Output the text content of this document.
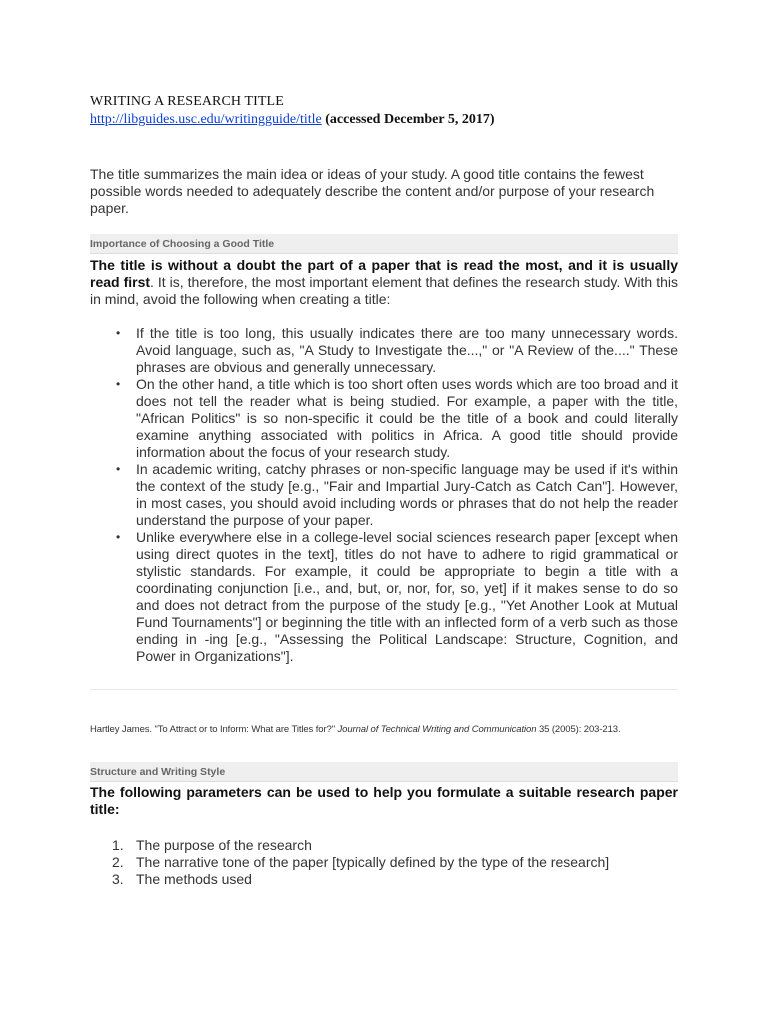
WRITING A RESEARCH TITLE
http://libguides.usc.edu/writingguide/title (accessed December 5, 2017)
The title summarizes the main idea or ideas of your study. A good title contains the fewest possible words needed to adequately describe the content and/or purpose of your research paper.
Importance of Choosing a Good Title
The title is without a doubt the part of a paper that is read the most, and it is usually read first. It is, therefore, the most important element that defines the research study. With this in mind, avoid the following when creating a title:
• If the title is too long, this usually indicates there are too many unnecessary words. Avoid language, such as, "A Study to Investigate the...," or "A Review of the...." These phrases are obvious and generally unnecessary.
• On the other hand, a title which is too short often uses words which are too broad and it does not tell the reader what is being studied. For example, a paper with the title, "African Politics" is so non-specific it could be the title of a book and could literally examine anything associated with politics in Africa. A good title should provide information about the focus of your research study.
• In academic writing, catchy phrases or non-specific language may be used if it's within the context of the study [e.g., "Fair and Impartial Jury-Catch as Catch Can"]. However, in most cases, you should avoid including words or phrases that do not help the reader understand the purpose of your paper.
• Unlike everywhere else in a college-level social sciences research paper [except when using direct quotes in the text], titles do not have to adhere to rigid grammatical or stylistic standards. For example, it could be appropriate to begin a title with a coordinating conjunction [i.e., and, but, or, nor, for, so, yet] if it makes sense to do so and does not detract from the purpose of the study [e.g., "Yet Another Look at Mutual Fund Tournaments"] or beginning the title with an inflected form of a verb such as those ending in -ing [e.g., "Assessing the Political Landscape: Structure, Cognition, and Power in Organizations"].
Hartley James. "To Attract or to Inform: What are Titles for?" Journal of Technical Writing and Communication 35 (2005): 203-213.
Structure and Writing Style
The following parameters can be used to help you formulate a suitable research paper title:
1. The purpose of the research
2. The narrative tone of the paper [typically defined by the type of the research]
3. The methods used
